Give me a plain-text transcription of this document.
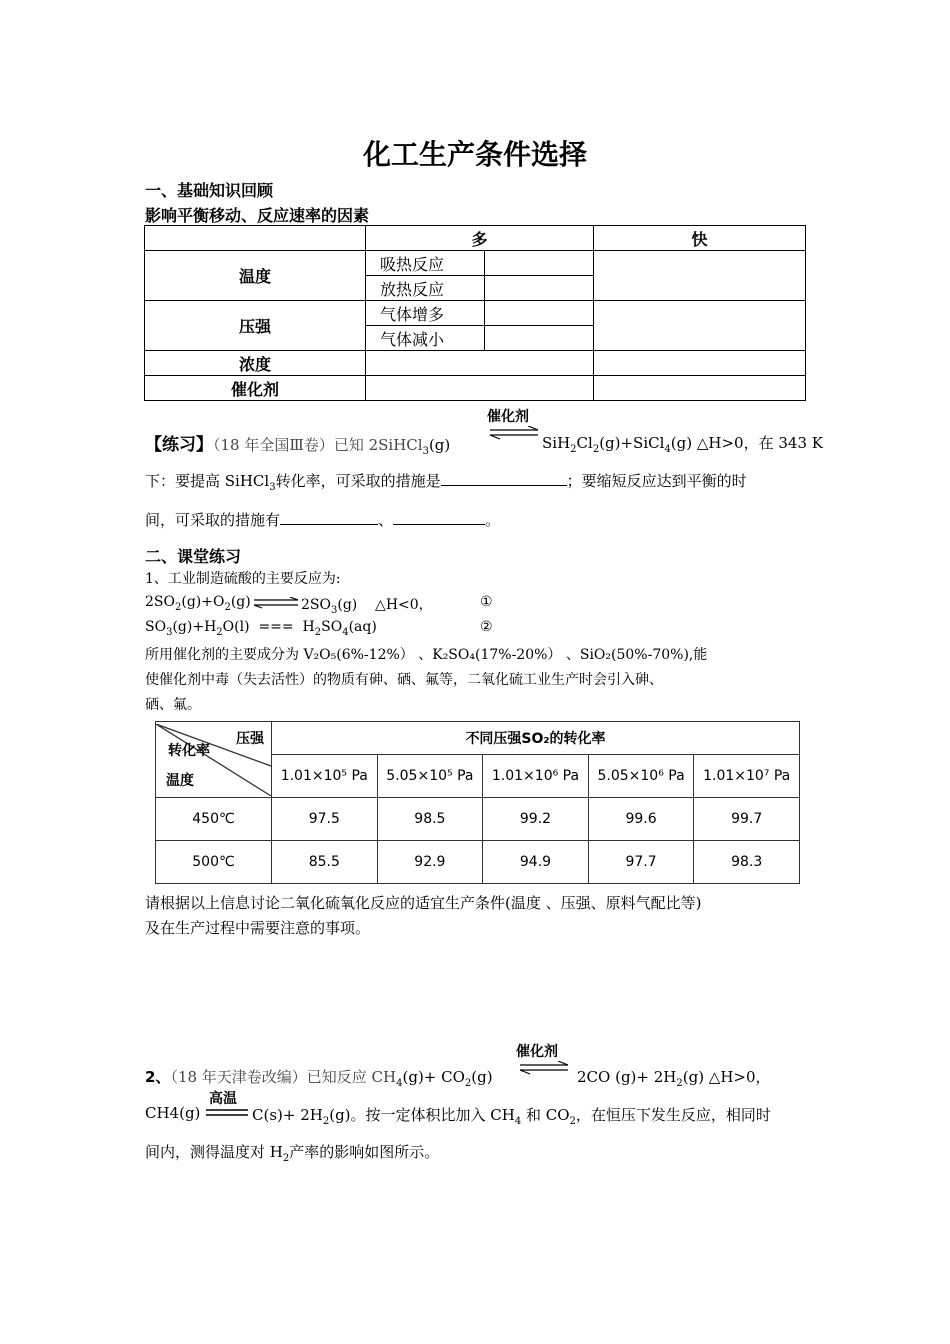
化工生产条件选择
一、基础知识回顾
影响平衡移动、反应速率的因素
	多		快
温度	吸热反应		
	放热反应		
压强	气体增多		
	气体减小		
浓度			
催化剂			
【练习】（18 年全国Ⅲ卷）已知 2SiHCl$_3$(g)
催化剂
$SiH_2Cl_2(g)+SiCl_4(g)$ △H>0，在 343 K
下：要提高 SiHCl$_3$转化率，可采取的措施是	；要缩短反应达到平衡的时
间，可采取的措施有	、	。
二、课堂练习
1、工业制造硫酸的主要反应为:
$2SO_2(g)+O_2(g)$ ⇌ $2SO_3(g)$    △H<0，	①
$SO_3(g)+H_2O(l)$  ===  $H_2SO_4(aq)$	②
所用催化剂的主要成分为 V₂O₅(6%-12%） 、K₂SO₄(17%-20%） 、SiO₂(50%-70%),能
使催化剂中毒（失去活性）的物质有砷、硒、氟等，二氧化硫工业生产时会引入砷、
硒、氟。
压强
转化率
温度	不同压强SO₂的转化率				
	1.01×10⁵ Pa	5.05×10⁵ Pa	1.01×10⁶ Pa	5.05×10⁶ Pa	1.01×10⁷ Pa
450℃	97.5	98.5	99.2	99.6	99.7
500℃	85.5	92.9	94.9	97.7	98.3
请根据以上信息讨论二氧化硫氧化反应的适宜生产条件(温度 、压强、原料气配比等)
及在生产过程中需要注意的事项。
催化剂
2、（18 年天津卷改编）已知反应 $CH_4(g)+ CO_2(g)$	2CO $(g)+ 2H_2(g)$ △H>0，
高温
CH4(g)	$C(s)+ 2H_2(g)$。按一定体积比加入 $CH_4$ 和 $CO_2$，在恒压下发生反应，相同时
间内，测得温度对 $H_2$产率的影响如图所示。
